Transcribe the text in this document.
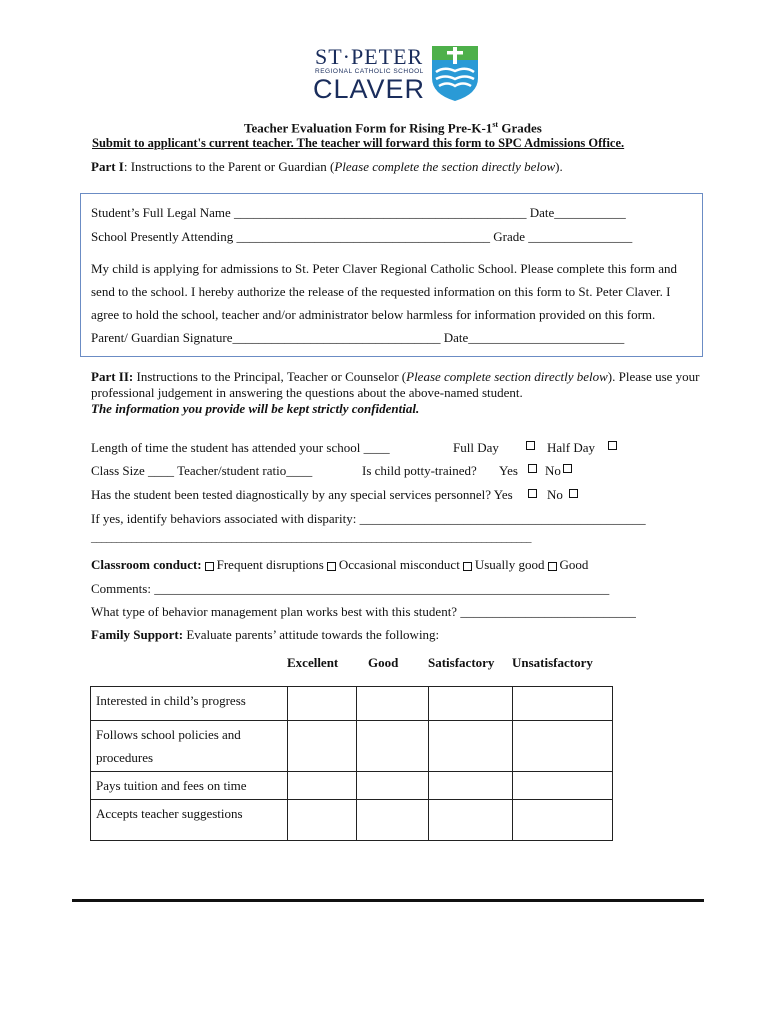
ST·PETER
REGIONAL CATHOLIC SCHOOL
CLAVER
Teacher Evaluation Form for Rising Pre-K-1st Grades
Submit to applicant's current teacher. The teacher will forward this form to SPC Admissions Office.
Part I: Instructions to the Parent or Guardian (Please complete the section directly below).
Student’s Full Legal Name _____________________________________________ Date___________
School Presently Attending _______________________________________ Grade ________________
My child is applying for admissions to St. Peter Claver Regional Catholic School. Please complete this form and
send to the school. I hereby authorize the release of the requested information on this form to St. Peter Claver. I
agree to hold the school, teacher and/or administrator below harmless for information provided on this form.
Parent/ Guardian Signature________________________________ Date________________________
Part II: Instructions to the Principal, Teacher or Counselor (Please complete section directly below). Please use your
professional judgement in answering the questions about the above-named student.
The information you provide will be kept strictly confidential.
Length of time the student has attended your school ____	Full Day	Half Day
Class Size ____ Teacher/student ratio____	Is child potty-trained? Yes No
Has the student been tested diagnostically by any special services personnel? Yes	No
If yes, identify behaviors associated with disparity: ____________________________________________
________________________________________________________________________________________
Classroom conduct: Frequent disruptions Occasional misconduct Usually good Good
Comments: ______________________________________________________________________
What type of behavior management plan works best with this student? ___________________________
Family Support: Evaluate parents’ attitude towards the following:
Excellent Good Satisfactory Unsatisfactory
Interested in child’s progress				
Follows school policies and procedures				
Pays tuition and fees on time				
Accepts teacher suggestions				
